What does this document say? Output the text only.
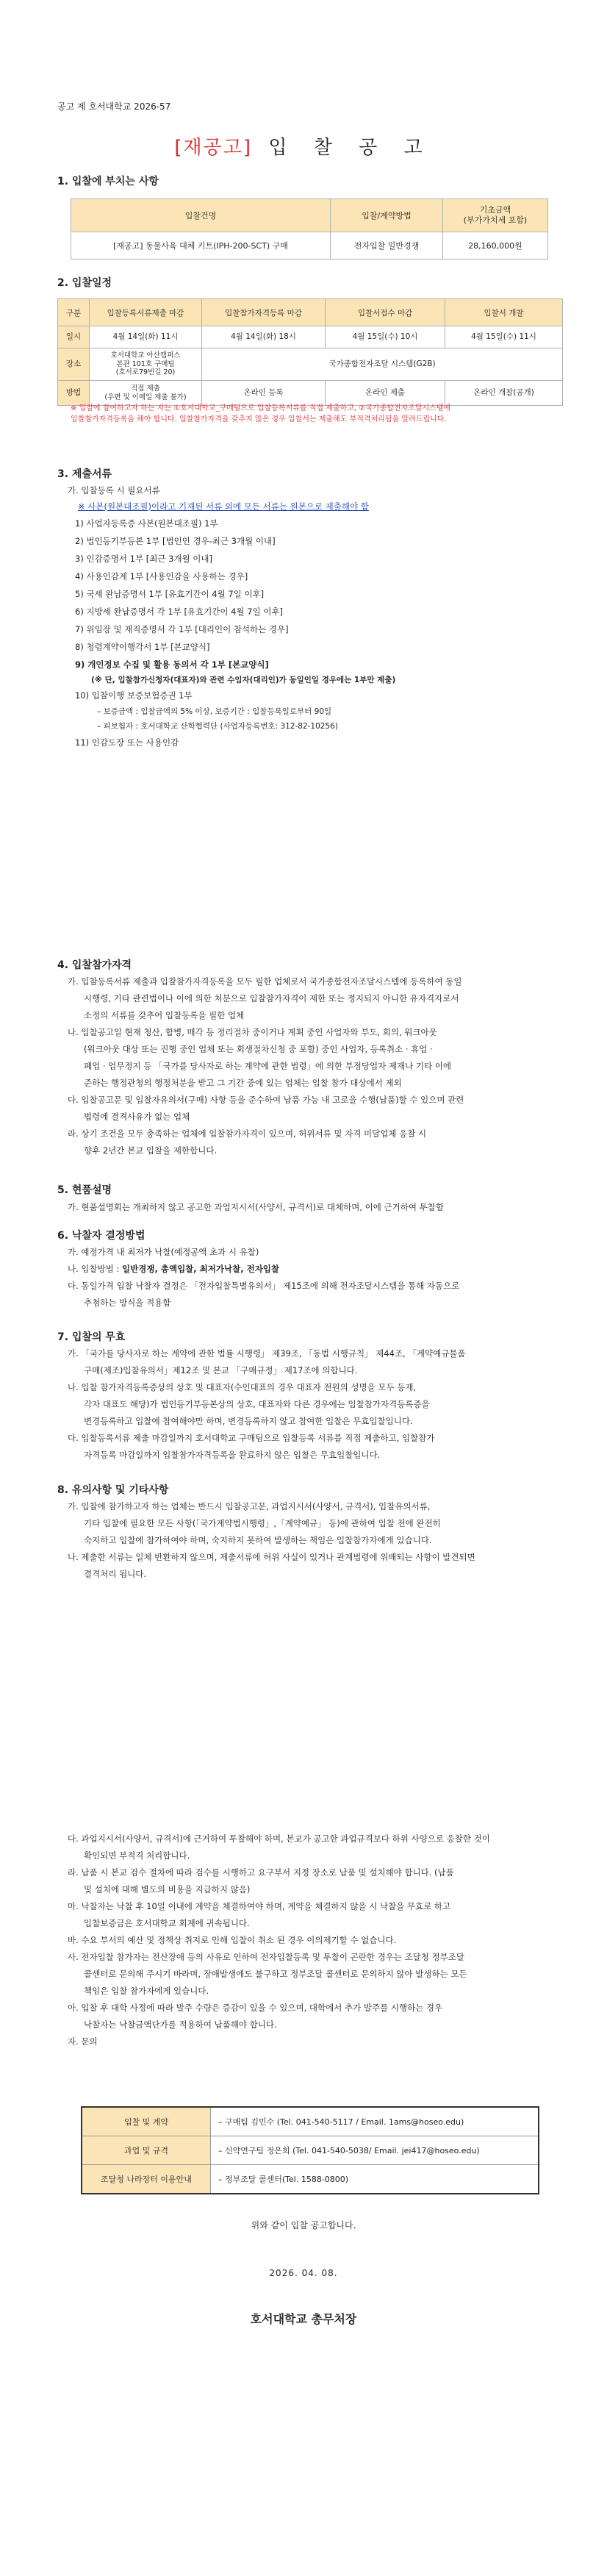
공고 제 호서대학교 2026-57
[재공고] 입 찰 공 고
1. 입찰에 부치는 사항
입찰건명	입찰/계약방법	기초금액
(부가가치세 포함)

[재공고] 동물사육 대체 키트(IPH-200-SCT) 구매	전자입찰 일반경쟁	28,160,000원
2. 입찰일정
구분	입찰등록서류제출 마감	입찰참가자격등록 마감	입찰서접수 마감	입찰서 개찰
일시	4월 14일(화) 11시	4월 14일(화) 18시	4월 15일(수) 10시	4월 15일(수) 11시
장소	호서대학교 아산캠퍼스
본관 101호 구매팀
(호서로79번길 20)	국가종합전자조달 시스템(G2B)		
방법	직접 제출
(우편 및 이메일 제출 불가)	온라인 등록	온라인 제출	온라인 개찰(공개)
※ 입찰에 참여하고자 하는 자는 ①호서대학교_구매팀으로 입찰등록서류를 직접 제출하고, ②국가종합전자조달시스템에
입찰참가자격등록을 해야 합니다. 입찰참가자격을 갖추지 않은 경우 입찰서는 제출해도 부적격처리됨을 알려드립니다.
3. 제출서류
가. 입찰등록 시 필요서류
※ 사본(원본대조필)이라고 기재된 서류 외에 모든 서류는 원본으로 제출해야 함
1) 사업자등록증 사본(원본대조필) 1부
2) 법인등기부등본 1부 [법인인 경우-최근 3개월 이내]
3) 인감증명서 1부 [최근 3개월 이내]
4) 사용인감계 1부 [사용인감을 사용하는 경우]
5) 국세 완납증명서 1부 [유효기간이 4월 7일 이후]
6) 지방세 완납증명서 각 1부 [유효기간이 4월 7일 이후]
7) 위임장 및 재직증명서 각 1부 [대리인이 참석하는 경우]
8) 청렴계약이행각서 1부 [본교양식]
9) 개인정보 수집 및 활용 동의서 각 1부 [본교양식]
(※ 단, 입찰참가신청자(대표자)와 관련 수임자(대리인)가 동일인일 경우에는 1부만 제출)
10) 입찰이행 보증보험증권 1부
– 보증금액 : 입찰금액의 5% 이상, 보증기간 : 입찰등록일로부터 90일
– 피보험자 : 호서대학교 산학협력단 (사업자등록번호: 312-82-10256)
11) 인감도장 또는 사용인감
4. 입찰참가자격
가. 입찰등록서류 제출과 입찰참가자격등록을 모두 필한 업체로서 국가종합전자조달시스템에 등록하여 동일
시행령, 기타 관련법이나 이에 의한 처분으로 입찰참가자격이 제한 또는 정지되지 아니한 유자격자로서
소정의 서류를 갖추어 입찰등록을 필한 업체
나. 입찰공고일 현재 청산, 합병, 매각 등 정리절차 중이거나 계획 중인 사업자와 부도, 회의, 워크아웃
(워크아웃 대상 또는 진행 중인 업체 또는 회생절차신청 중 포함) 중인 사업자, 등록취소 · 휴업 ·
폐업 · 업무정지 등 「국가를 당사자로 하는 계약에 관한 법령」에 의한 부정당업자 제재나 기타 이에
준하는 행정관청의 행정처분을 받고 그 기간 중에 있는 업체는 입찰 참가 대상에서 제외
다. 입찰공고문 및 입찰자유의서(구매) 사항 등을 준수하여 납품 가능 내 고로을 수행(납품)할 수 있으며 관련
법령에 결격사유가 없는 업체
라. 상기 조건을 모두 충족하는 업체에 입찰참가자격이 있으며, 허위서류 및 자격 미달업체 응찰 시
향후 2년간 본교 입찰을 제한합니다.
5. 현품설명
가. 현품설명회는 개최하지 않고 공고한 과업지시서(사양서, 규격서)로 대체하며, 이에 근거하여 투찰함
6. 낙찰자 결정방법
가. 예정가격 내 최저가 낙찰(예정공액 초과 시 유찰)
나. 입찰방법 : 일반경쟁, 총액입찰, 최저가낙찰, 전자입찰
다. 동일가격 입찰 낙찰자 결정은 「전자입찰특별유의서」 제15조에 의해 전자조달시스템을 통해 자동으로
추첨하는 방식을 적용함
7. 입찰의 무효
가. 「국가를 당사자로 하는 계약에 관한 법률 시행령」 제39조, 「동법 시행규칙」 제44조, 「계약예규물품
구매(제조)입찰유의서」제12조 및 본교 「구매규정」 제17조에 의합니다.
나. 입찰 참가자격등록증상의 상호 및 대표자(수인대표의 경우 대표자 전원의 성명을 모두 등재,
각자 대표도 해당)가 법인등기부등본상의 상호, 대표자와 다른 경우에는 입찰참가자격등록증을
변경등록하고 입찰에 참여해야만 하며, 변경등록하지 않고 참여한 입찰은 무효입찰입니다.
다. 입찰등록서류 제출 마감일까지 호서대학교 구매팀으로 입찰등록 서류를 직접 제출하고, 입찰참가
자격등록 마감일까지 입찰참가자격등록을 완료하지 않은 입찰은 무효입찰입니다.
8. 유의사항 및 기타사항
가. 입찰에 참가하고자 하는 업체는 반드시 입찰공고문, 과업지시서(사양서, 규격서), 입찰유의서류,
기타 입찰에 필요한 모든 사항(「국가계약법시행령」,「계약예규」 등)에 관하여 입찰 전에 완전히
숙지하고 입찰에 참가하여야 하며, 숙지하지 못하여 발생하는 책임은 입찰참가자에게 있습니다.
나. 제출한 서류는 일체 반환하지 않으며, 제출서류에 허위 사실이 있거나 관계법령에 위배되는 사항이 발견되면
결격처리 됩니다.
다. 과업지시서(사양서, 규격서)에 근거하여 투찰해야 하며, 본교가 공고한 과업규격보다 하위 사양으로 응찰한 것이
확인되면 부적격 처리합니다.
라. 납품 시 본교 검수 절차에 따라 검수를 시행하고 요구부서 지정 장소로 납품 및 설치해야 합니다. (납품
및 설치에 대해 별도의 비용을 지급하지 않음)
마. 낙찰자는 낙찰 후 10일 이내에 계약을 체결하여야 하며, 계약을 체결하지 않을 시 낙찰을 무효로 하고
입찰보증금은 호서대학교 회계에 귀속됩니다.
바. 수요 부서의 예산 및 정책상 취지로 인해 입찰이 취소 된 경우 이의제기할 수 없습니다.
사. 전자입찰 참가자는 전산장애 등의 사유로 인하여 전자입찰등록 및 투찰이 곤란한 경우는 조달청 정부조달
콜센터로 문의해 주시기 바라며, 장애발생에도 불구하고 정부조달 콜센터로 문의하지 않아 발생하는 모든
책임은 입찰 참가자에게 있습니다.
아. 입찰 후 대학 사정에 따라 발주 수량은 증감이 있을 수 있으며, 대학에서 추가 발주를 시행하는 경우
낙찰자는 낙찰금액단가를 적용하여 납품해야 합니다.
자. 문의
입찰 및 계약	– 구매팀 김민수 (Tel. 041-540-5117 / Email. 1ams@hoseo.edu)
과업 및 규격	– 신약연구팀 정은희 (Tel. 041-540-5038/ Email. jei417@hoseo.edu)
조달청 나라장터 이용안내	– 정부조달 콜센터(Tel. 1588-0800)
위와 같이 입찰 공고합니다.
2026. 04. 08.
호서대학교 총무처장
